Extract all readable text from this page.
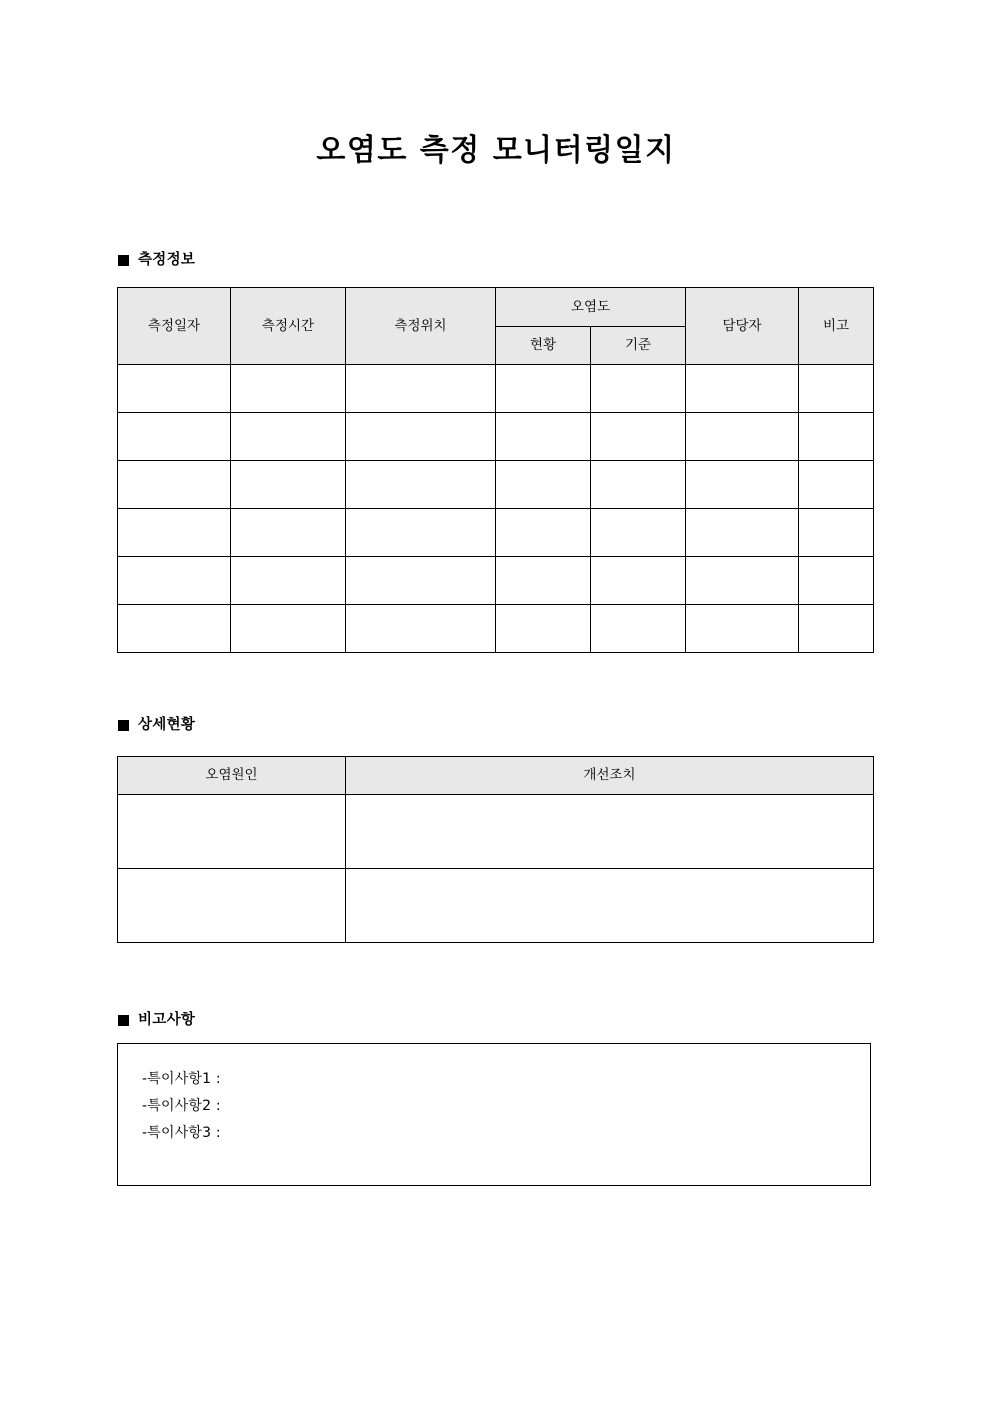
오염도 측정 모니터링일지
측정정보
측정일자	측정시간	측정위치	오염도		담당자	비고
			현황	기준		

상세현황
오염원인	개선조치

비고사항
-특이사항1 :
-특이사항2 :
-특이사항3 :
